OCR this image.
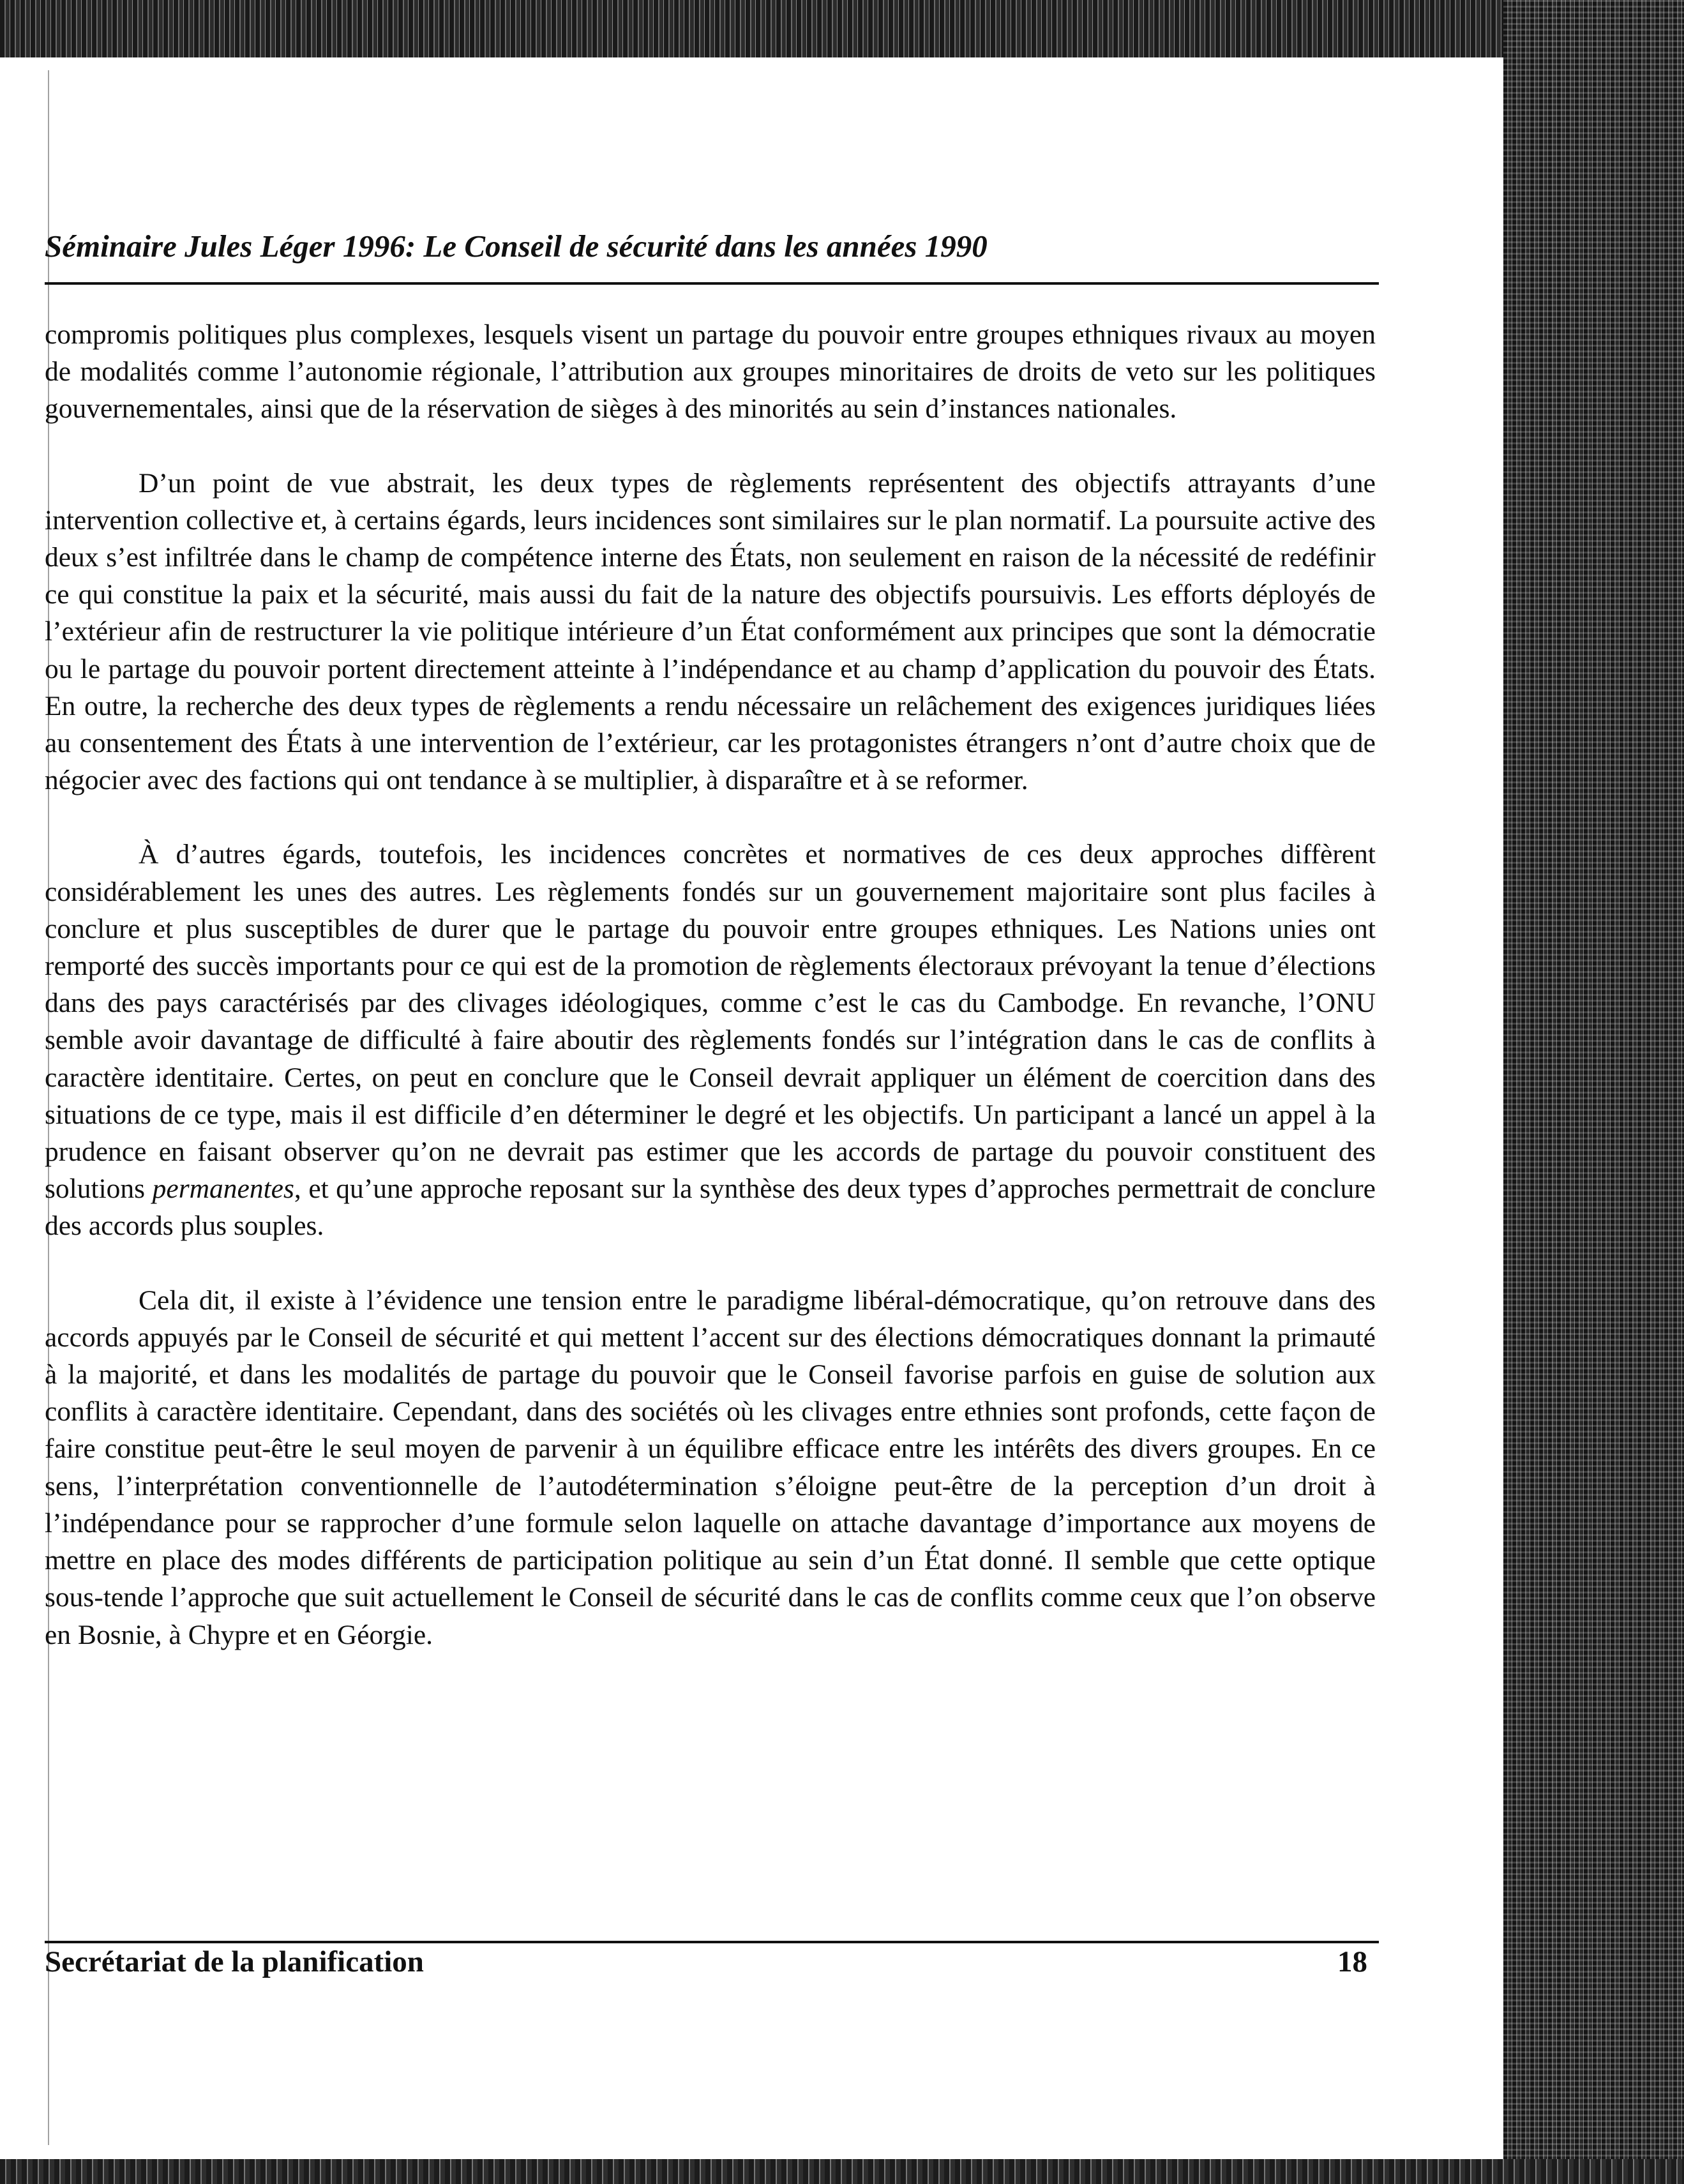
Séminaire Jules Léger 1996: Le Conseil de sécurité dans les années 1990

compromis politiques plus complexes, lesquels visent un partage du pouvoir entre groupes ethniques rivaux au moyen de modalités comme l’autonomie régionale, l’attribution aux groupes minoritaires de droits de veto sur les politiques gouvernementales, ainsi que de la réservation de sièges à des minorités au sein d’instances nationales.

D’un point de vue abstrait, les deux types de règlements représentent des objectifs attrayants d’une intervention collective et, à certains égards, leurs incidences sont similaires sur le plan normatif. La poursuite active des deux s’est infiltrée dans le champ de compétence interne des États, non seulement en raison de la nécessité de redéfinir ce qui constitue la paix et la sécurité, mais aussi du fait de la nature des objectifs poursuivis. Les efforts déployés de l’extérieur afin de restructurer la vie politique intérieure d’un État conformément aux principes que sont la démocratie ou le partage du pouvoir portent directement atteinte à l’indépendance et au champ d’application du pouvoir des États. En outre, la recherche des deux types de règlements a rendu nécessaire un relâchement des exigences juridiques liées au consentement des États à une intervention de l’extérieur, car les protagonistes étrangers n’ont d’autre choix que de négocier avec des factions qui ont tendance à se multiplier, à disparaître et à se reformer.

À d’autres égards, toutefois, les incidences concrètes et normatives de ces deux approches diffèrent considérablement les unes des autres. Les règlements fondés sur un gouvernement majoritaire sont plus faciles à conclure et plus susceptibles de durer que le partage du pouvoir entre groupes ethniques. Les Nations unies ont remporté des succès importants pour ce qui est de la promotion de règlements électoraux prévoyant la tenue d’élections dans des pays caractérisés par des clivages idéologiques, comme c’est le cas du Cambodge. En revanche, l’ONU semble avoir davantage de difficulté à faire aboutir des règlements fondés sur l’intégration dans le cas de conflits à caractère identitaire. Certes, on peut en conclure que le Conseil devrait appliquer un élément de coercition dans des situations de ce type, mais il est difficile d’en déterminer le degré et les objectifs. Un participant a lancé un appel à la prudence en faisant observer qu’on ne devrait pas estimer que les accords de partage du pouvoir constituent des solutions permanentes, et qu’une approche reposant sur la synthèse des deux types d’approches permettrait de conclure des accords plus souples.

Cela dit, il existe à l’évidence une tension entre le paradigme libéral-démocratique, qu’on retrouve dans des accords appuyés par le Conseil de sécurité et qui mettent l’accent sur des élections démocratiques donnant la primauté à la majorité, et dans les modalités de partage du pouvoir que le Conseil favorise parfois en guise de solution aux conflits à caractère identitaire. Cependant, dans des sociétés où les clivages entre ethnies sont profonds, cette façon de faire constitue peut-être le seul moyen de parvenir à un équilibre efficace entre les intérêts des divers groupes. En ce sens, l’interprétation conventionnelle de l’autodétermination s’éloigne peut-être de la perception d’un droit à l’indépendance pour se rapprocher d’une formule selon laquelle on attache davantage d’importance aux moyens de mettre en place des modes différents de participation politique au sein d’un État donné. Il semble que cette optique sous-tende l’approche que suit actuellement le Conseil de sécurité dans le cas de conflits comme ceux que l’on observe en Bosnie, à Chypre et en Géorgie.

Secrétariat de la planification	18
